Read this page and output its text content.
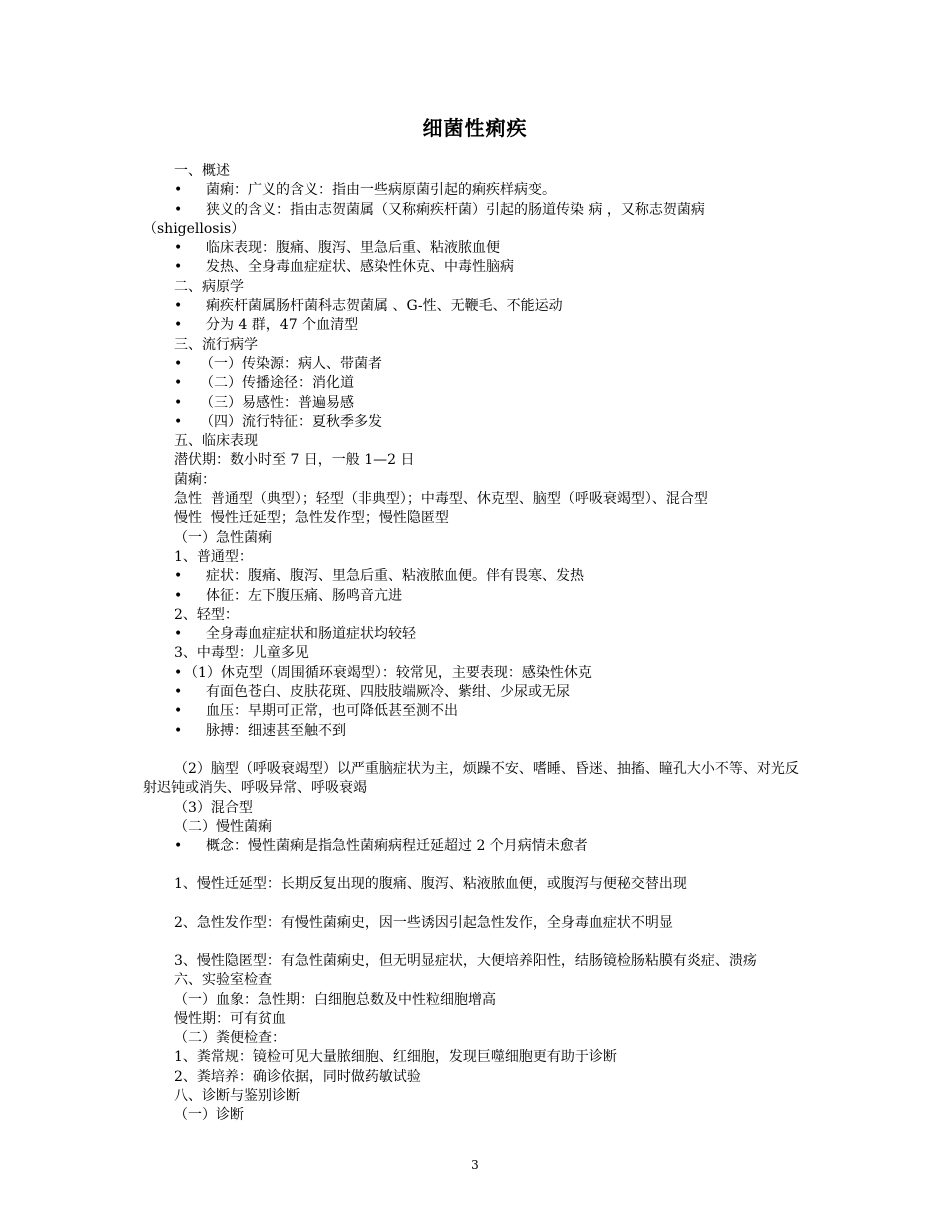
细菌性痢疾
一、概述
• 菌痢：广义的含义：指由一些病原菌引起的痢疾样病变。
• 狭义的含义：指由志贺菌属（又称痢疾杆菌）引起的肠道传染 病 ，又称志贺菌病
（shigellosis）
• 临床表现：腹痛、腹泻、里急后重、粘液脓血便
• 发热、全身毒血症症状、感染性休克、中毒性脑病
二、病原学
• 痢疾杆菌属肠杆菌科志贺菌属 、G-性、无鞭毛、不能运动
• 分为 4 群，47 个血清型
三、流行病学
• （一）传染源：病人、带菌者
• （二）传播途径：消化道
• （三）易感性：普遍易感
• （四）流行特征：夏秋季多发
五、临床表现
潜伏期：数小时至 7 日，一般 1—2 日
菌痢：
急性  普通型（典型）；轻型（非典型）；中毒型、休克型、脑型（呼吸衰竭型）、混合型
慢性  慢性迁延型；急性发作型；慢性隐匿型
（一）急性菌痢
1、普通型：
• 症状：腹痛、腹泻、里急后重、粘液脓血便。伴有畏寒、发热
• 体征：左下腹压痛、肠鸣音亢进
2、轻型：
• 全身毒血症症状和肠道症状均较轻
3、中毒型：儿童多见
• （1）休克型（周围循环衰竭型）：较常见，主要表现：感染性休克
• 有面色苍白、皮肤花斑、四肢肢端厥冷、紫绀、少尿或无尿
• 血压：早期可正常，也可降低甚至测不出
• 脉搏：细速甚至触不到
（2）脑型（呼吸衰竭型）以严重脑症状为主，烦躁不安、嗜睡、昏迷、抽搐、瞳孔大小不等、对光反射迟钝或消失、呼吸异常、呼吸衰竭
（3）混合型
（二）慢性菌痢
• 概念：慢性菌痢是指急性菌痢病程迁延超过 2 个月病情未愈者
1、慢性迁延型：长期反复出现的腹痛、腹泻、粘液脓血便，或腹泻与便秘交替出现
2、急性发作型：有慢性菌痢史，因一些诱因引起急性发作，全身毒血症状不明显
3、慢性隐匿型：有急性菌痢史，但无明显症状，大便培养阳性，结肠镜检肠粘膜有炎症、溃疡
六、实验室检查
（一）血象：急性期：白细胞总数及中性粒细胞增高
慢性期：可有贫血
（二）粪便检查：
1、粪常规：镜检可见大量脓细胞、红细胞，发现巨噬细胞更有助于诊断
2、粪培养：确诊依据，同时做药敏试验
八、诊断与鉴别诊断
（一）诊断
3
